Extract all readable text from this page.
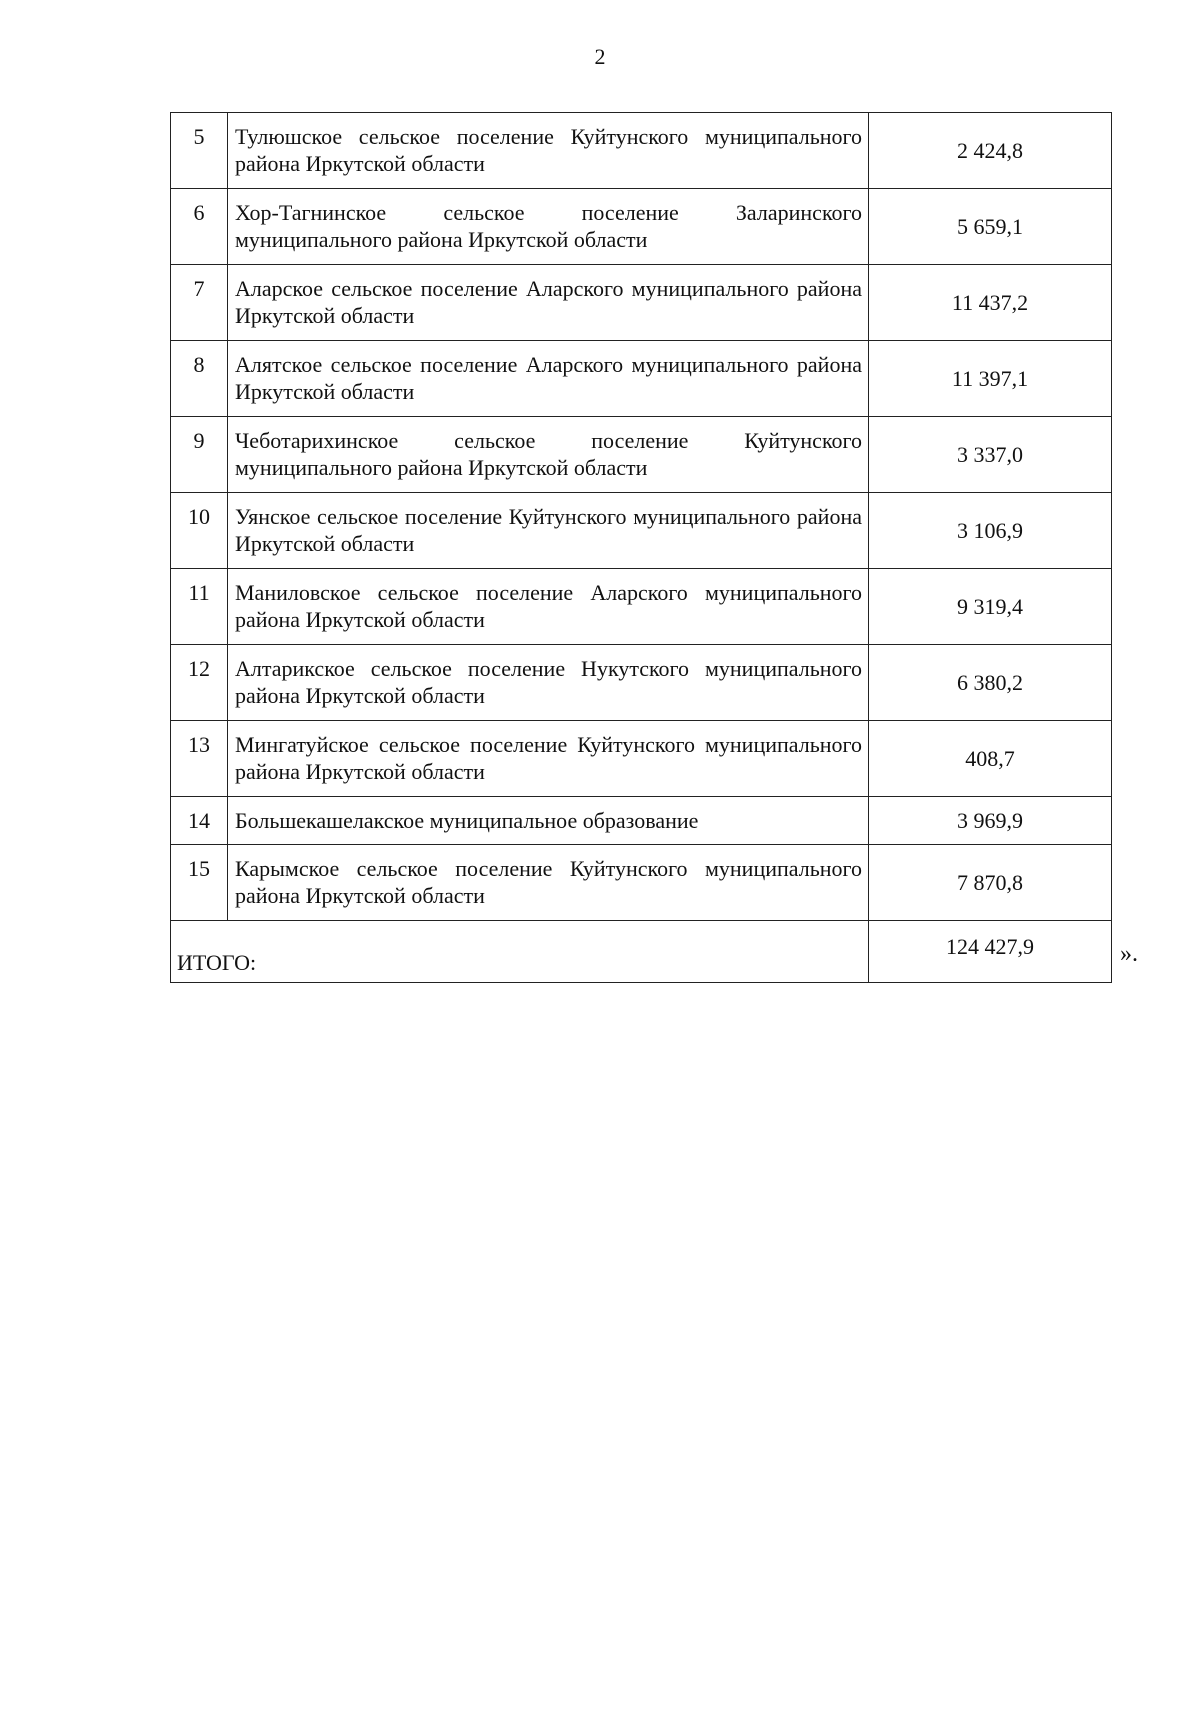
2
5	Тулюшское сельское поселение Куйтунского муниципального района Иркутской области	2 424,8
6	Хор-Тагнинское сельское поселение Заларинского муниципального района Иркутской области	5 659,1
7	Аларское сельское поселение Аларского муниципального района Иркутской области	11 437,2
8	Алятское сельское поселение Аларского муниципального района Иркутской области	11 397,1
9	Чеботарихинское сельское поселение Куйтунского муниципального района Иркутской области	3 337,0
10	Уянское сельское поселение Куйтунского муниципального района Иркутской области	3 106,9
11	Маниловское сельское поселение Аларского муниципального района Иркутской области	9 319,4
12	Алтарикское сельское поселение Нукутского муниципального района Иркутской области	6 380,2
13	Мингатуйское сельское поселение Куйтунского муниципального района Иркутской области	408,7
14	Большекашелакское муниципальное образование	3 969,9
15	Карымское сельское поселение Куйтунского муниципального района Иркутской области	7 870,8
ИТОГО:		124 427,9	».
